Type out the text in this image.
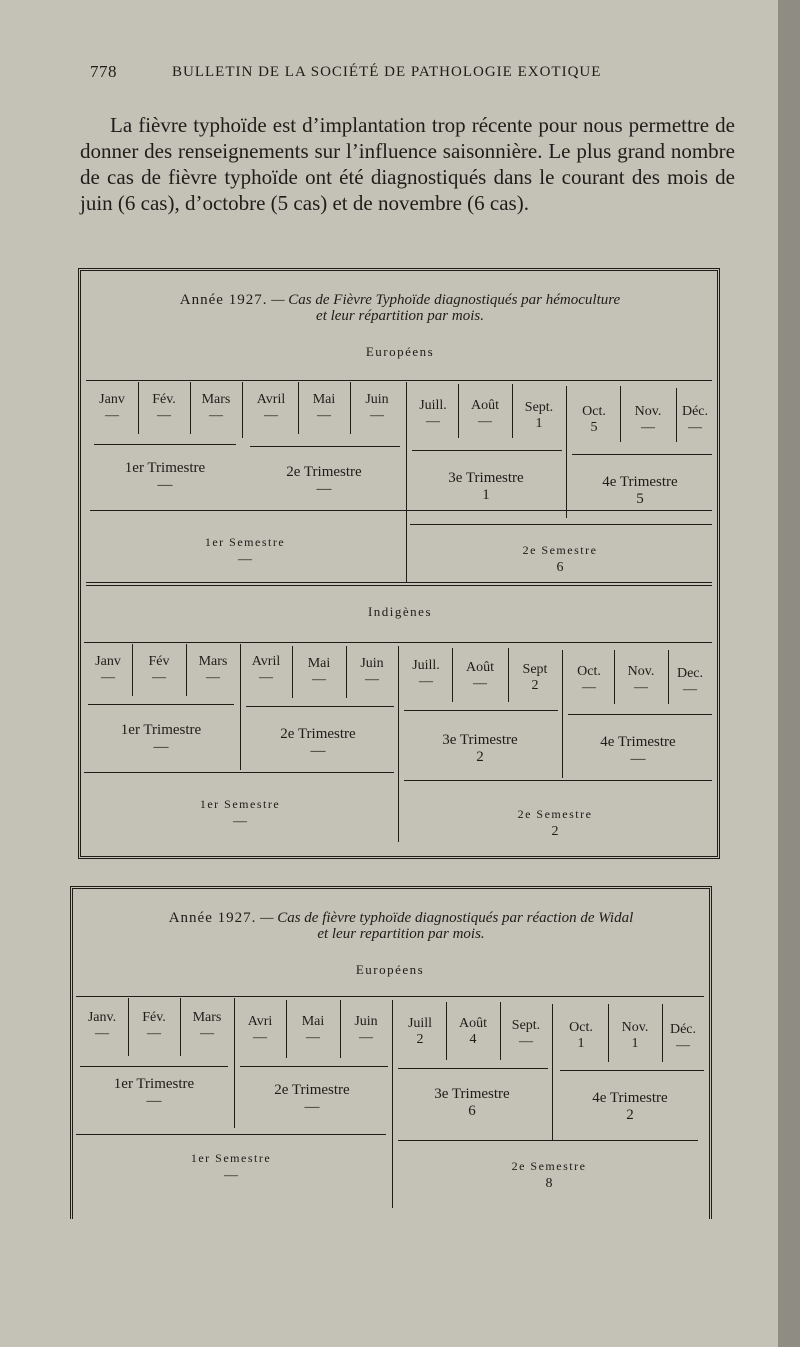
778	BULLETIN DE LA SOCIÉTÉ DE PATHOLOGIE EXOTIQUE
La fièvre typhoïde est d’implantation trop récente pour nous permettre de donner des renseignements sur l’influence saisonnière. Le plus grand nombre de cas de fièvre typhoïde ont été diagnostiqués dans le courant des mois de juin (6 cas), d’octobre (5 cas) et de novembre (6 cas).
Année 1927. — Cas de Fièvre Typhoïde diagnostiqués par hémoculture
et leur répartition par mois.
Européens
Janv
—
Fév.
—
Mars
—
Avril
—
Mai
—
Juin
—
Juill.
—
Août
—
Sept.
1
Oct.
5
Nov.
—
Déc.
—
1er Trimestre
—
2e Trimestre
—
3e Trimestre
1
4e Trimestre
5
1er Semestre
—
2e Semestre
6
Indigènes
Janv
—
Fév
—
Mars
—
Avril
—
Mai
—
Juin
—
Juill.
—
Août
—
Sept
2
Oct.
—
Nov.
—
Dec.
—
1er Trimestre
—
2e Trimestre
—
3e Trimestre
2
4e Trimestre
—
1er Semestre
—	2e Semestre
2
Année 1927. — Cas de fièvre typhoïde diagnostiqués par réaction de Widal
et leur repartition par mois.
Européens
Janv.
—
Fév.
—
Mars
—
Avri
—
Mai
—
Juin
—
Juill
2
Août
4
Sept.
—
Oct.
1
Nov.
1
Déc.
—
1er Trimestre
—
2e Trimestre
—
3e Trimestre
6
4e Trimestre
2
1er Semestre
—
2e Semestre
8
